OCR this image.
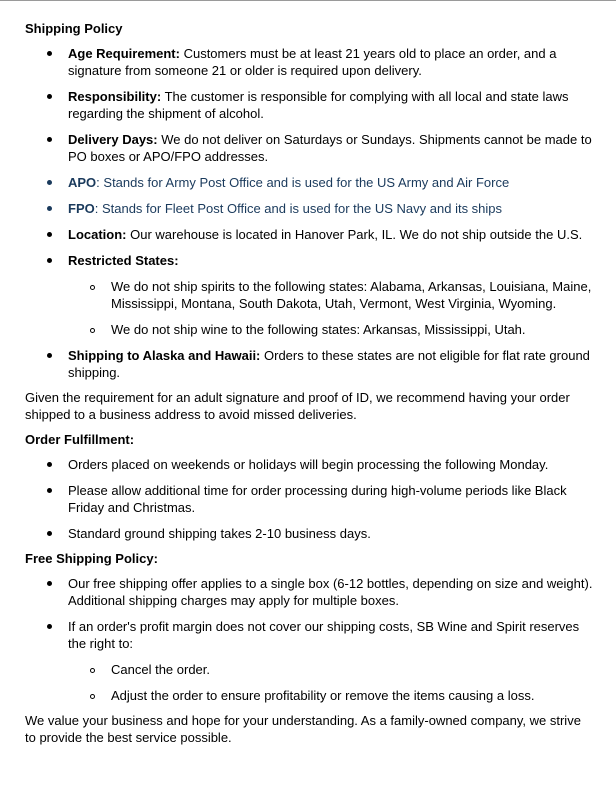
Shipping Policy
Age Requirement: Customers must be at least 21 years old to place an order, and a signature from someone 21 or older is required upon delivery.
Responsibility: The customer is responsible for complying with all local and state laws regarding the shipment of alcohol.
Delivery Days: We do not deliver on Saturdays or Sundays. Shipments cannot be made to PO boxes or APO/FPO addresses.
APO: Stands for Army Post Office and is used for the US Army and Air Force
FPO: Stands for Fleet Post Office and is used for the US Navy and its ships
Location: Our warehouse is located in Hanover Park, IL. We do not ship outside the U.S.
Restricted States:
We do not ship spirits to the following states: Alabama, Arkansas, Louisiana, Maine, Mississippi, Montana, South Dakota, Utah, Vermont, West Virginia, Wyoming.
We do not ship wine to the following states: Arkansas, Mississippi, Utah.
Shipping to Alaska and Hawaii: Orders to these states are not eligible for flat rate ground shipping.
Given the requirement for an adult signature and proof of ID, we recommend having your order shipped to a business address to avoid missed deliveries.
Order Fulfillment:
Orders placed on weekends or holidays will begin processing the following Monday.
Please allow additional time for order processing during high-volume periods like Black Friday and Christmas.
Standard ground shipping takes 2-10 business days.
Free Shipping Policy:
Our free shipping offer applies to a single box (6-12 bottles, depending on size and weight). Additional shipping charges may apply for multiple boxes.
If an order's profit margin does not cover our shipping costs, SB Wine and Spirit reserves the right to:
Cancel the order.
Adjust the order to ensure profitability or remove the items causing a loss.
We value your business and hope for your understanding. As a family-owned company, we strive to provide the best service possible.
